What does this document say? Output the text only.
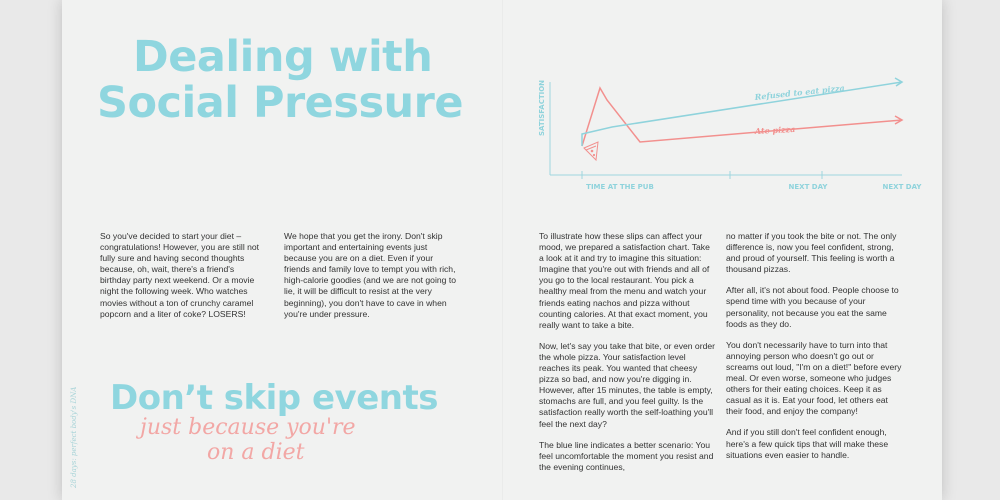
Dealing with
Social Pressure

So you've decided to start your diet – congratulations! However, you are still not fully sure and having second thoughts because, oh, wait, there's a friend's birthday party next weekend. Or a movie night the following week. Who watches movies without a ton of crunchy caramel popcorn and a liter of coke? LOSERS!

We hope that you get the irony. Don't skip important and entertaining events just because you are on a diet. Even if your friends and family love to tempt you with rich, high-calorie goodies (and we are not going to lie, it will be difficult to resist at the very beginning), you don't have to cave in when you're under pressure.

Don’t skip events
just because you're
on a diet
28 days: perfect body's DNA
SATISFACTION	Refused to eat pizza
Ate pizza
TIME AT THE PUB	NEXT DAY	NEXT DAY

To illustrate how these slips can affect your mood, we prepared a satisfaction chart. Take a look at it and try to imagine this situation: Imagine that you're out with friends and all of you go to the local restaurant. You pick a healthy meal from the menu and watch your friends eating nachos and pizza without counting calories. At that exact moment, you really want to take a bite.

Now, let's say you take that bite, or even order the whole pizza. Your satisfaction level reaches its peak. You wanted that cheesy pizza so bad, and now you're digging in. However, after 15 minutes, the table is empty, stomachs are full, and you feel guilty. Is the satisfaction really worth the self-loathing you'll feel the next day?

The blue line indicates a better scenario: You feel uncomfortable the moment you resist and the evening continues,

no matter if you took the bite or not. The only difference is, now you feel confident, strong, and proud of yourself. This feeling is worth a thousand pizzas.

After all, it's not about food. People choose to spend time with you because of your personality, not because you eat the same foods as they do.

You don't necessarily have to turn into that annoying person who doesn't go out or screams out loud, "I'm on a diet!" before every meal. Or even worse, someone who judges others for their eating choices. Keep it as casual as it is. Eat your food, let others eat their food, and enjoy the company!

And if you still don't feel confident enough, here's a few quick tips that will make these situations even easier to handle.
